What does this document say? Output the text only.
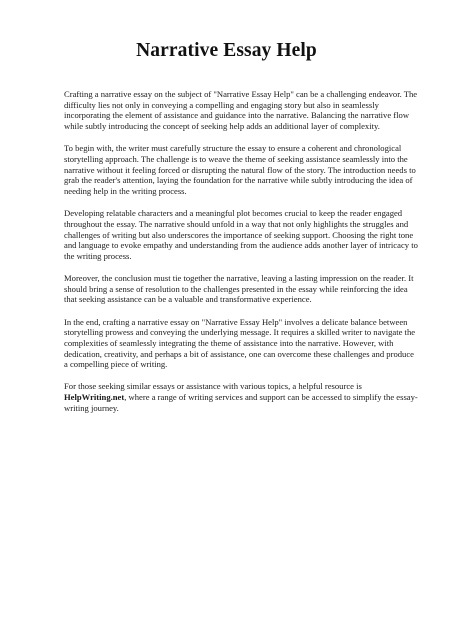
Narrative Essay Help

Crafting a narrative essay on the subject of "Narrative Essay Help" can be a challenging endeavor. The difficulty lies not only in conveying a compelling and engaging story but also in seamlessly incorporating the element of assistance and guidance into the narrative. Balancing the narrative flow while subtly introducing the concept of seeking help adds an additional layer of complexity.

To begin with, the writer must carefully structure the essay to ensure a coherent and chronological storytelling approach. The challenge is to weave the theme of seeking assistance seamlessly into the narrative without it feeling forced or disrupting the natural flow of the story. The introduction needs to grab the reader's attention, laying the foundation for the narrative while subtly introducing the idea of needing help in the writing process.

Developing relatable characters and a meaningful plot becomes crucial to keep the reader engaged throughout the essay. The narrative should unfold in a way that not only highlights the struggles and challenges of writing but also underscores the importance of seeking support. Choosing the right tone and language to evoke empathy and understanding from the audience adds another layer of intricacy to the writing process.

Moreover, the conclusion must tie together the narrative, leaving a lasting impression on the reader. It should bring a sense of resolution to the challenges presented in the essay while reinforcing the idea that seeking assistance can be a valuable and transformative experience.

In the end, crafting a narrative essay on "Narrative Essay Help" involves a delicate balance between storytelling prowess and conveying the underlying message. It requires a skilled writer to navigate the complexities of seamlessly integrating the theme of assistance into the narrative. However, with dedication, creativity, and perhaps a bit of assistance, one can overcome these challenges and produce a compelling piece of writing.

For those seeking similar essays or assistance with various topics, a helpful resource is HelpWriting.net, where a range of writing services and support can be accessed to simplify the essay-writing journey.
